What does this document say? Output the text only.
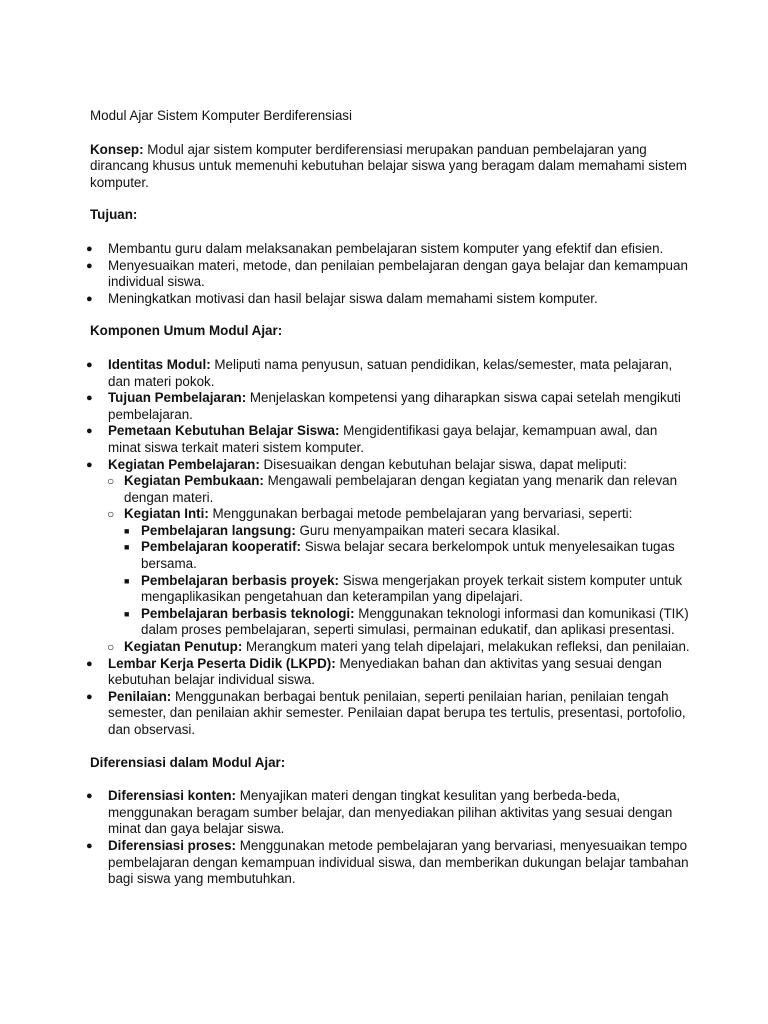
Modul Ajar Sistem Komputer Berdiferensiasi
Konsep: Modul ajar sistem komputer berdiferensiasi merupakan panduan pembelajaran yang dirancang khusus untuk memenuhi kebutuhan belajar siswa yang beragam dalam memahami sistem komputer.
Tujuan:
● Membantu guru dalam melaksanakan pembelajaran sistem komputer yang efektif dan efisien.
● Menyesuaikan materi, metode, dan penilaian pembelajaran dengan gaya belajar dan kemampuan individual siswa.
● Meningkatkan motivasi dan hasil belajar siswa dalam memahami sistem komputer.
Komponen Umum Modul Ajar:
● Identitas Modul: Meliputi nama penyusun, satuan pendidikan, kelas/semester, mata pelajaran, dan materi pokok.
● Tujuan Pembelajaran: Menjelaskan kompetensi yang diharapkan siswa capai setelah mengikuti pembelajaran.
● Pemetaan Kebutuhan Belajar Siswa: Mengidentifikasi gaya belajar, kemampuan awal, dan minat siswa terkait materi sistem komputer.
● Kegiatan Pembelajaran: Disesuaikan dengan kebutuhan belajar siswa, dapat meliputi:
○ Kegiatan Pembukaan: Mengawali pembelajaran dengan kegiatan yang menarik dan relevan dengan materi.
○ Kegiatan Inti: Menggunakan berbagai metode pembelajaran yang bervariasi, seperti:
■ Pembelajaran langsung: Guru menyampaikan materi secara klasikal.
■ Pembelajaran kooperatif: Siswa belajar secara berkelompok untuk menyelesaikan tugas bersama.
■ Pembelajaran berbasis proyek: Siswa mengerjakan proyek terkait sistem komputer untuk mengaplikasikan pengetahuan dan keterampilan yang dipelajari.
■ Pembelajaran berbasis teknologi: Menggunakan teknologi informasi dan komunikasi (TIK) dalam proses pembelajaran, seperti simulasi, permainan edukatif, dan aplikasi presentasi.
○ Kegiatan Penutup: Merangkum materi yang telah dipelajari, melakukan refleksi, dan penilaian.
● Lembar Kerja Peserta Didik (LKPD): Menyediakan bahan dan aktivitas yang sesuai dengan kebutuhan belajar individual siswa.
● Penilaian: Menggunakan berbagai bentuk penilaian, seperti penilaian harian, penilaian tengah semester, dan penilaian akhir semester. Penilaian dapat berupa tes tertulis, presentasi, portofolio, dan observasi.
Diferensiasi dalam Modul Ajar:
● Diferensiasi konten: Menyajikan materi dengan tingkat kesulitan yang berbeda-beda, menggunakan beragam sumber belajar, dan menyediakan pilihan aktivitas yang sesuai dengan minat dan gaya belajar siswa.
● Diferensiasi proses: Menggunakan metode pembelajaran yang bervariasi, menyesuaikan tempo pembelajaran dengan kemampuan individual siswa, dan memberikan dukungan belajar tambahan bagi siswa yang membutuhkan.
